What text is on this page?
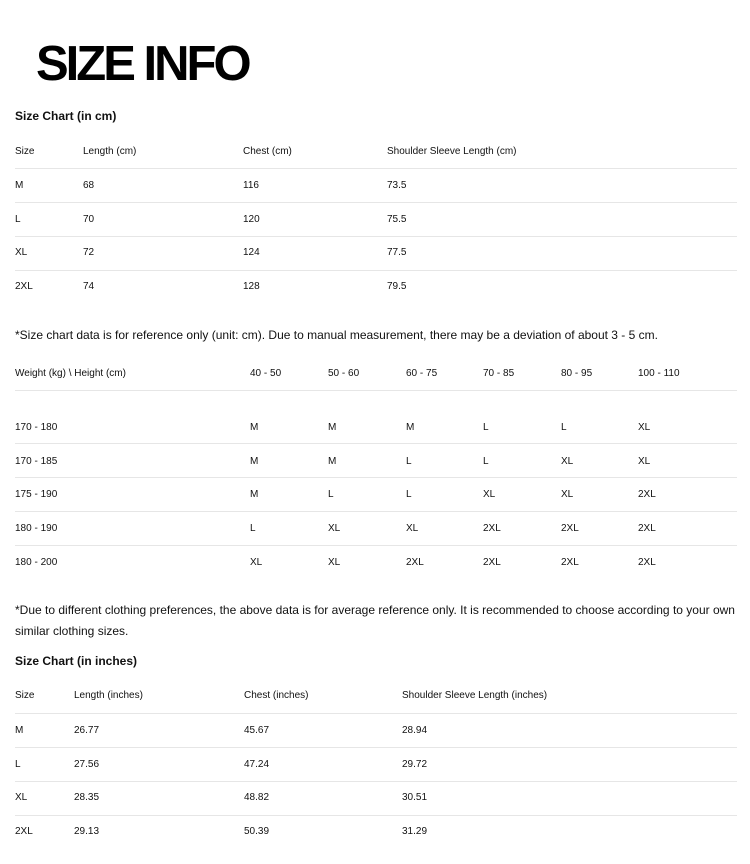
SIZE INFO
Size Chart (in cm)
Size	Length (cm)	Chest (cm)	Shoulder Sleeve Length (cm)
M	68	116	73.5
L	70	120	75.5
XL	72	124	77.5
2XL	74	128	79.5
*Size chart data is for reference only (unit: cm). Due to manual measurement, there may be a deviation of about 3 - 5 cm.
Weight (kg) \ Height (cm)	40 - 50	50 - 60	60 - 75	70 - 85	80 - 95	100 - 110
170 - 180	M	M	M	L	L	XL
170 - 185	M	M	L	L	XL	XL
175 - 190	M	L	L	XL	XL	2XL
180 - 190	L	XL	XL	2XL	2XL	2XL
180 - 200	XL	XL	2XL	2XL	2XL	2XL
*Due to different clothing preferences, the above data is for average reference only. It is recommended to choose according to your own similar clothing sizes.
Size Chart (in inches)
Size	Length (inches)	Chest (inches)	Shoulder Sleeve Length (inches)
M	26.77	45.67	28.94
L	27.56	47.24	29.72
XL	28.35	48.82	30.51
2XL	29.13	50.39	31.29
